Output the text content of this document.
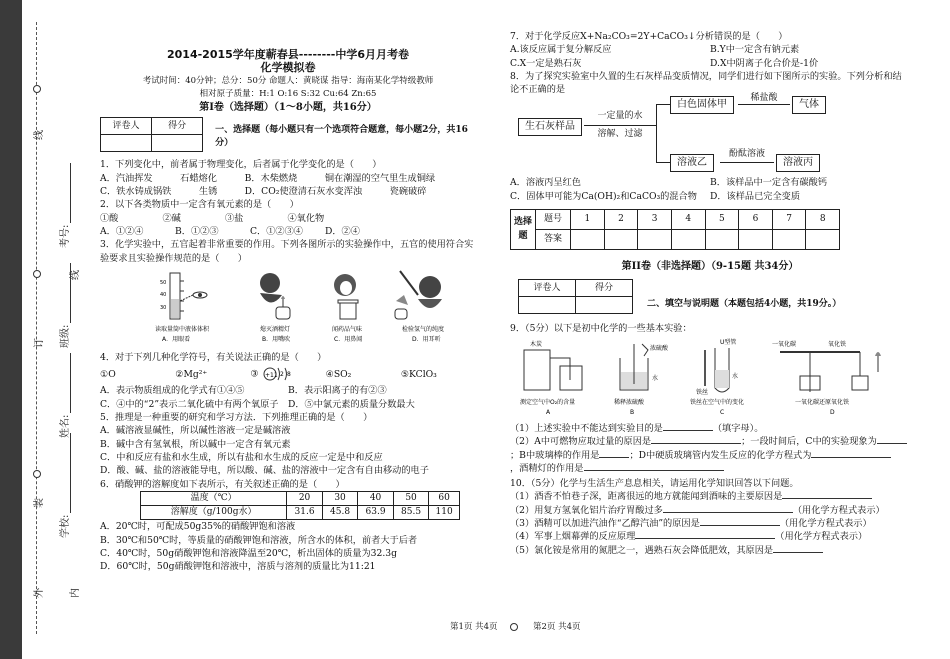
线
订
装
外
线
内
考号:
班级:
姓名:
学校:
2014-2015学年度蕲春县--------中学6月月考卷
化学模拟卷
考试时间：40分钟；总分：50分 命题人：黄晓谋 指导：海南某化学特级教师
相对原子质量：H:1 O:16 S:32 Cu:64 Zn:65
第Ⅰ卷（选择题）（1～8小题，共16分）
评卷人	得分
		一、选择题（每小题只有一个选项符合题意，每小题2分，共16分）

1．下列变化中，前者属于物理变化，后者属于化学变化的是（　　）

A．汽油挥发　　　石蜡熔化	B．木柴燃烧　　　铜在潮湿的空气里生成铜绿
C．铁水铸成锅铁　　　生锈	D．CO₂使澄清石灰水变浑浊　　　瓷碗破碎

2．以下各类物质中一定含有氧元素的是（　　）

①酸	②碱	③盐	④氧化物
A．①②④	B．①②③	C．①②③④	D．②④

3．化学实验中，五官起着非常重要的作用。下列各图所示的实验操作中，五官的使用符合实验要求且实验操作规范的是（　　）

50
40
30
读取量筒中液体体积
A．用眼看
熄灭酒精灯
B．用嘴吹
闻药品气味
C．用鼻闻
检验氢气的纯度
D．用耳听

4．对于下列几种化学符号，有关说法正确的是（　　）

①O	②Mg²⁺	③ +11 2 8	④SO₂	⑤KClO₃
A．表示物质组成的化学式有①④⑤	B．表示阳离子的有②③
C．④中的“2”表示二氧化硫中有两个氧原子	D．⑤中氯元素的质量分数最大

5．推理是一种重要的研究和学习方法．下列推理正确的是（　　）

A．碱溶液显碱性，所以碱性溶液一定是碱溶液

B．碱中含有氢氧根，所以碱中一定含有氧元素

C．中和反应有盐和水生成，所以有盐和水生成的反应一定是中和反应

D．酸、碱、盐的溶液能导电，所以酸、碱、盐的溶液中一定含有自由移动的电子

6．硝酸钾的溶解度如下表所示，有关叙述正确的是（　　）

温度（℃）	20	30	40	50	60
溶解度（g/100g水）	31.6	45.8	63.9	85.5	110

A．20℃时，可配成50g35%的硝酸钾饱和溶液

B．30℃和50℃时，等质量的硝酸钾饱和溶液，所含水的体积，前者大于后者

C．40℃时，50g硝酸钾饱和溶液降温至20℃，析出固体的质量为32.3g

D．60℃时，50g硝酸钾饱和溶液中，溶质与溶剂的质量比为11:21

7．对于化学反应X+Na₂CO₃=2Y+CaCO₃↓分析错误的是（　　）

A.该反应属于复分解反应	B.Y中一定含有钠元素
C.X一定是熟石灰	D.X中阴离子化合价是-1价

8．为了探究实验室中久置的生石灰样品变质情况，同学们进行如下图所示的实验。下列分析和结论不正确的是

生石灰样品
一定量的水
溶解、过滤
白色固体甲
稀盐酸
气体
溶液乙
酚酞溶液
溶液丙
A．溶液丙呈红色	B．该样品中一定含有碳酸钙
C．固体甲可能为Ca(OH)₂和CaCO₃的混合物	D．该样品已完全变质
选择题	题号	1	2	3	4	5	6	7	8
	答案								
第II卷（非选择题）（9-15题 共34分）
评卷人	得分

二、填空与说明题（本题包括4小题，共19分。）

9．（5分）以下是初中化学的一些基本实验：

木炭
浓硫酸
水
U型管
水
铁丝
一氧化碳	氧化铁
测定空气中O₂的含量
A
稀释浓硫酸
B
铁丝在空气中的变化
C
一氧化碳还原氧化铁
D

（1）上述实验中不能达到实验目的是	（填字母）。

（2）A中可燃物应取过量的原因是	；一段时间后，C中的实验现象为

；B中玻璃棒的作用是	；D中硬质玻璃管内发生反应的化学方程式为

，酒精灯的作用是

10．（5分）化学与生活生产息息相关，请运用化学知识回答以下问题。

（1）酒香不怕巷子深，距离很远的地方就能闻到酒味的主要原因是

（2）用复方氢氧化铝片治疗胃酸过多	（用化学方程式表示）

（3）酒精可以加进汽油作“乙醇汽油”的原因是	（用化学方程式表示）

（4）军事上烟幕弹的反应原理	（用化学方程式表示）

（5）氯化铵是常用的氮肥之一，遇熟石灰会降低肥效，其原因是

第1页 共4页	第2页 共4页
